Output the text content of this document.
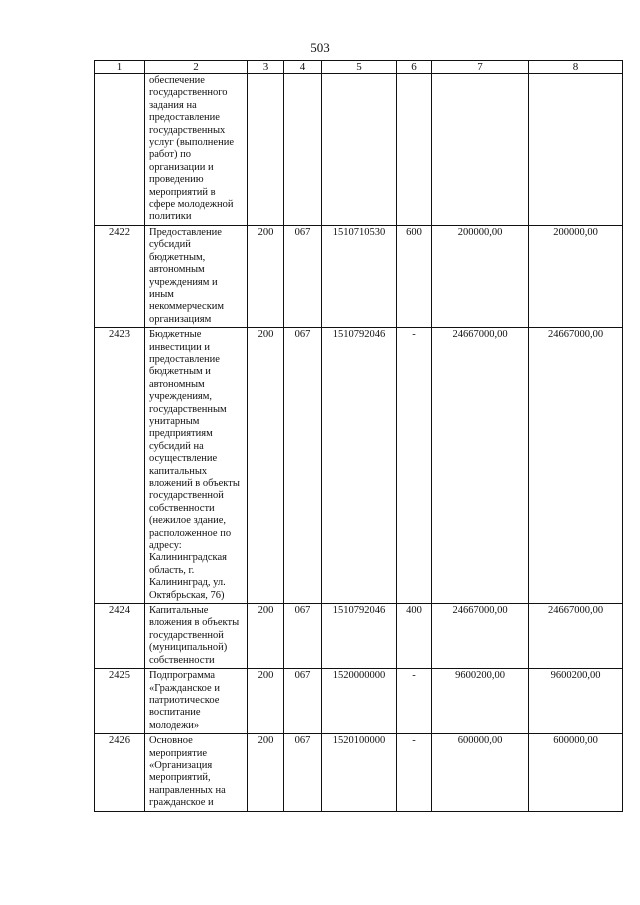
503
1	2	3	4	5	6	7	8
	обеспечение государственного задания на предоставление государственных услуг (выполнение работ) по организации и проведению мероприятий в сфере молодежной политики						
2422	Предоставление субсидий бюджетным, автономным учреждениям и иным некоммерческим организациям	200	067	1510710530	600	200000,00	200000,00
2423	Бюджетные инвестиции и предоставление бюджетным и автономным учреждениям, государственным унитарным предприятиям субсидий на осуществление капитальных вложений в объекты государственной собственности (нежилое здание, расположенное по адресу: Калининградская область, г. Калининград, ул. Октябрьская, 76)	200	067	1510792046	-	24667000,00	24667000,00
2424	Капитальные вложения в объекты государственной (муниципальной) собственности	200	067	1510792046	400	24667000,00	24667000,00
2425	Подпрограмма «Гражданское и патриотическое воспитание молодежи»	200	067	1520000000	-	9600200,00	9600200,00
2426	Основное мероприятие «Организация мероприятий, направленных на гражданское и	200	067	1520100000	-	600000,00	600000,00
